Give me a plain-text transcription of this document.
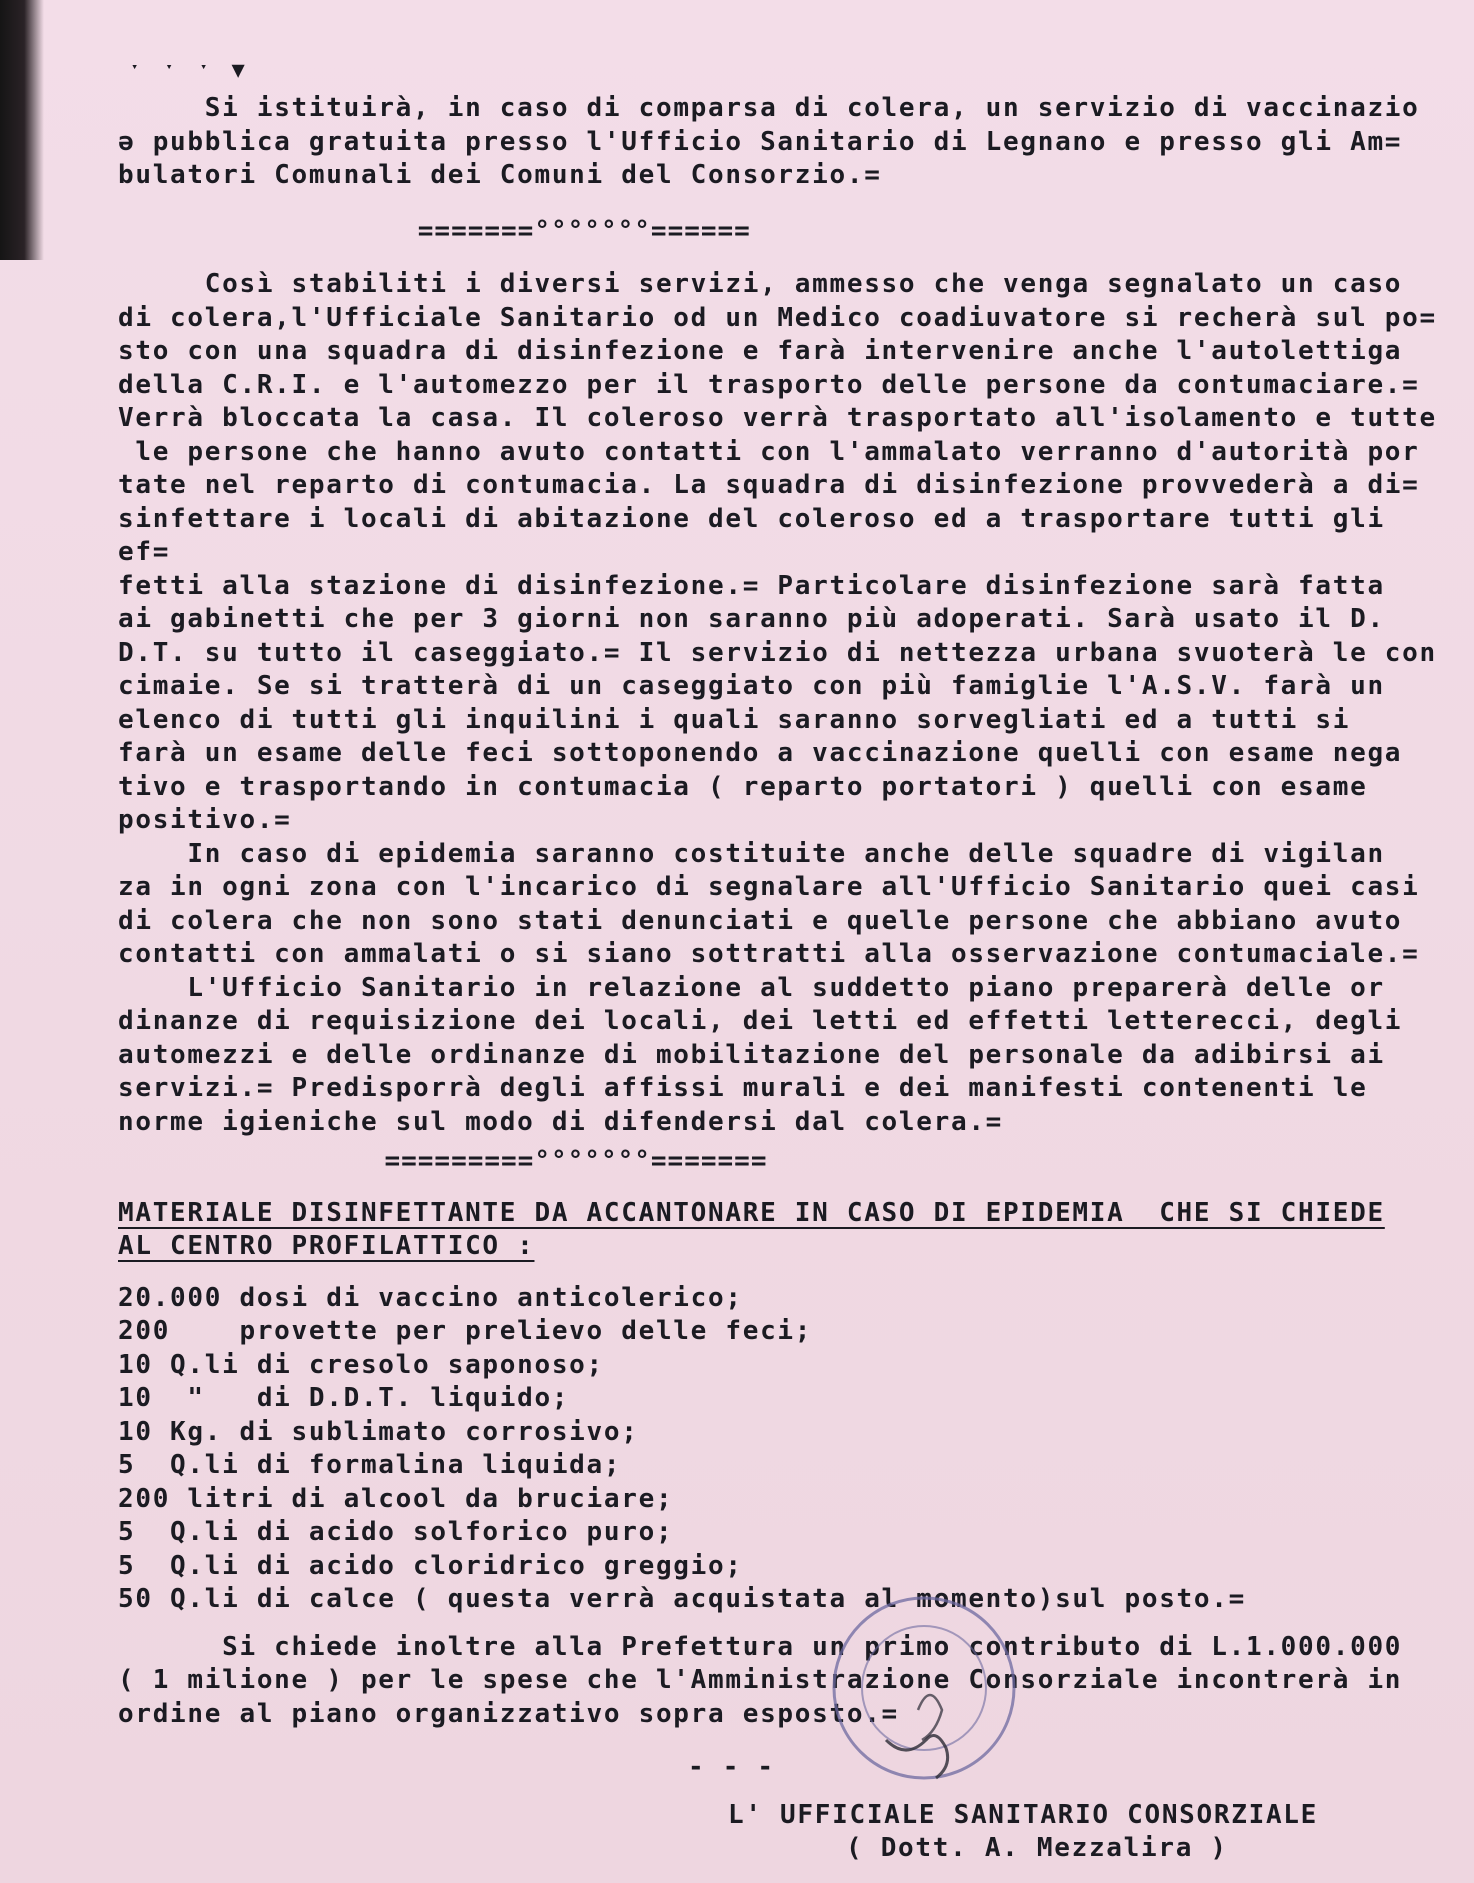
ˑ ˑ ˑ ▼

Si istituirà, in caso di comparsa di colera, un servizio di vaccinazio
ə pubblica gratuita presso l'Ufficio Sanitario di Legnano e presso gli Am=
bulatori Comunali dei Comuni del Consorzio.=

=======°°°°°°°======

Così stabiliti i diversi servizi, ammesso che venga segnalato un caso
di colera,l'Ufficiale Sanitario od un Medico coadiuvatore si recherà sul po=
sto con una squadra di disinfezione e farà intervenire anche l'autolettiga
della C.R.I. e l'automezzo per il trasporto delle persone da contumaciare.=
Verrà bloccata la casa. Il coleroso verrà trasportato all'isolamento e tutte
le persone che hanno avuto contatti con l'ammalato verranno d'autorità por
tate nel reparto di contumacia. La squadra di disinfezione provvederà a di=
sinfettare i locali di abitazione del coleroso ed a trasportare tutti gli ef=
fetti alla stazione di disinfezione.= Particolare disinfezione sarà fatta
ai gabinetti che per 3 giorni non saranno più adoperati. Sarà usato il D.
D.T. su tutto il caseggiato.= Il servizio di nettezza urbana svuoterà le con
cimaie. Se si tratterà di un caseggiato con più famiglie l'A.S.V. farà un
elenco di tutti gli inquilini i quali saranno sorvegliati ed a tutti si
farà un esame delle feci sottoponendo a vaccinazione quelli con esame nega
tivo e trasportando in contumacia ( reparto portatori ) quelli con esame
positivo.=

In caso di epidemia saranno costituite anche delle squadre di vigilan
za in ogni zona con l'incarico di segnalare all'Ufficio Sanitario quei casi
di colera che non sono stati denunciati e quelle persone che abbiano avuto
contatti con ammalati o si siano sottratti alla osservazione contumaciale.=

L'Ufficio Sanitario in relazione al suddetto piano preparerà delle or
dinanze di requisizione dei locali, dei letti ed effetti letterecci, degli
automezzi e delle ordinanze di mobilitazione del personale da adibirsi ai
servizi.= Predisporrà degli affissi murali e dei manifesti contenenti le
norme igieniche sul modo di difendersi dal colera.=

=========°°°°°°°=======

MATERIALE DISINFETTANTE DA ACCANTONARE IN CASO DI EPIDEMIA  CHE SI CHIEDE
AL CENTRO PROFILATTICO :

20.000 dosi di vaccino anticolerico;
200    provette per prelievo delle feci;
10 Q.li di cresolo saponoso;
10  "   di D.D.T. liquido;
10 Kg. di sublimato corrosivo;
5  Q.li di formalina liquida;
200 litri di alcool da bruciare;
5  Q.li di acido solforico puro;
5  Q.li di acido cloridrico greggio;
50 Q.li di calce ( questa verrà acquistata al momento)sul posto.=

Si chiede inoltre alla Prefettura un primo contributo di L.1.000.000
( 1 milione ) per le spese che l'Amministrazione Consorziale incontrerà in
ordine al piano organizzativo sopra esposto.=

- - -

L' UFFICIALE SANITARIO CONSORZIALE

( Dott. A. Mezzalira )
